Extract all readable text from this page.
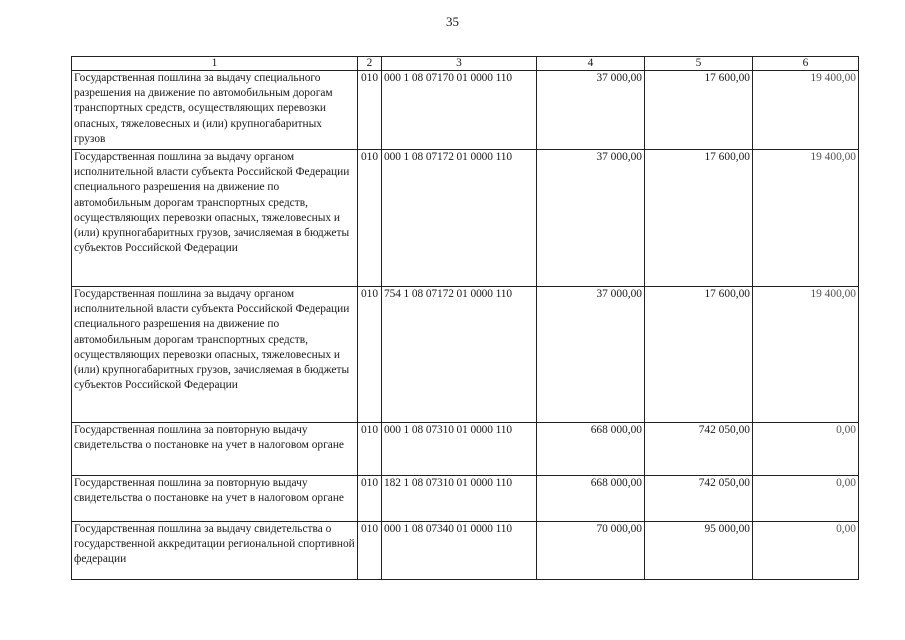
35
1	2	3	4	5	6
Государственная пошлина за выдачу специального разрешения на движение по автомобильным дорогам транспортных средств, осуществляющих перевозки опасных, тяжеловесных и (или) крупногабаритных грузов	010	000 1 08 07170 01 0000 110	37 000,00	17 600,00	19 400,00
Государственная пошлина за выдачу органом исполнительной власти субъекта Российской Федерации специального разрешения на движение по автомобильным дорогам транспортных средств, осуществляющих перевозки опасных, тяжеловесных и (или) крупногабаритных грузов, зачисляемая в бюджеты субъектов Российской Федерации	010	000 1 08 07172 01 0000 110	37 000,00	17 600,00	19 400,00
Государственная пошлина за выдачу органом исполнительной власти субъекта Российской Федерации специального разрешения на движение по автомобильным дорогам транспортных средств, осуществляющих перевозки опасных, тяжеловесных и (или) крупногабаритных грузов, зачисляемая в бюджеты субъектов Российской Федерации	010	754 1 08 07172 01 0000 110	37 000,00	17 600,00	19 400,00
Государственная пошлина за повторную выдачу свидетельства о постановке на учет в налоговом органе	010	000 1 08 07310 01 0000 110	668 000,00	742 050,00	0,00
Государственная пошлина за повторную выдачу свидетельства о постановке на учет в налоговом органе	010	182 1 08 07310 01 0000 110	668 000,00	742 050,00	0,00
Государственная пошлина за выдачу свидетельства о государственной аккредитации региональной спортивной федерации	010	000 1 08 07340 01 0000 110	70 000,00	95 000,00	0,00
